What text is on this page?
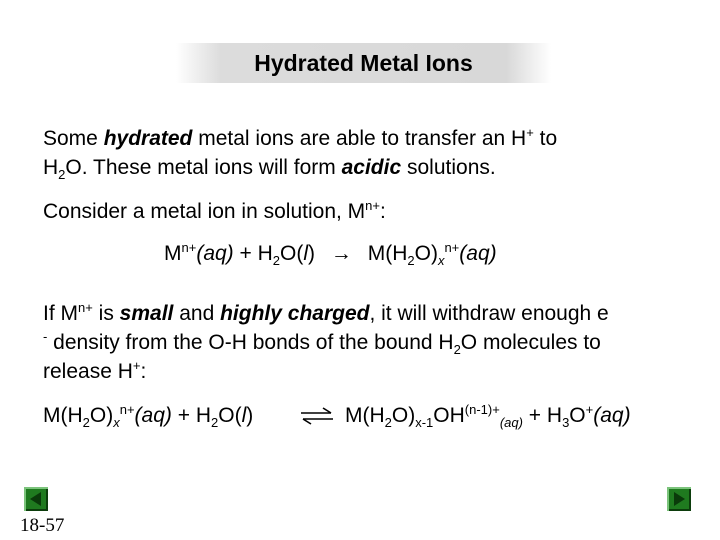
Hydrated Metal Ions
Some hydrated metal ions are able to transfer an H+ to
$H_2O$. These metal ions will form acidic solutions.
Consider a metal ion in solution, $M^{n+}$:
$M^{n+}(aq) + H_2O(l) \to M(H_2O)_x^{n+}(aq)$
If $M^{n+}$ is small and highly charged, it will withdraw enough e
- density from the O-H bonds of the bound $H_2O$ molecules to
release H+:
$M(H_2O)_x^{n+}(aq) + H_2O(l)$	⇌ $M(H_2O)_{x-1}OH^{(n-1)+}_{(aq)} + H_3O^+(aq)$
18-57
